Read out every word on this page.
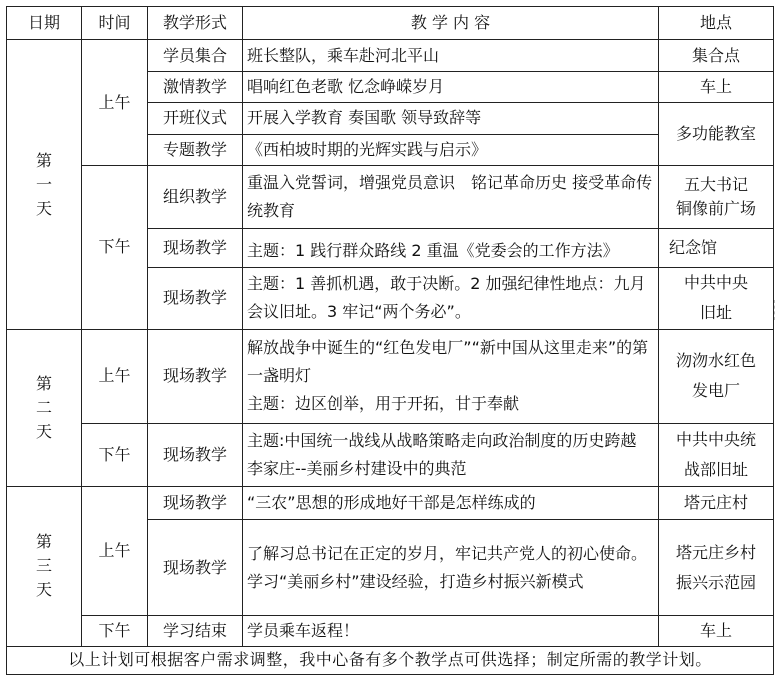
日期	时间	教学形式	教 学 内 容	地点

第
一
天	上午	学员集合	班长整队，乘车赴河北平山	集合点
		激情教学	唱响红色老歌 忆念峥嵘岁月	车上
		开班仪式	开展入学教育 奏国歌 领导致辞等	多功能教室
		专题教学	《西柏坡时期的光辉实践与启示》	
	下午	组织教学	重温入党誓词，增强党员意识　铭记革命历史 接受革命传统教育	五大书记
铜像前广场

		现场教学	主题：1 践行群众路线 2 重温《党委会的工作方法》	纪念馆
		现场教学	主题：1 善抓机遇，敢于决断。2 加强纪律性地点：九月会议旧址。3 牢记“两个务必”。	中共中央
旧址

第
二
天	上午	现场教学	解放战争中诞生的“红色发电厂”“新中国从这里走来”的第一盏明灯
主题：边区创举，用于开拓，甘于奉献	沕沕水红色
发电厂

	下午	现场教学	主题:中国统一战线从战略策略走向政治制度的历史跨越 李家庄--美丽乡村建设中的典范	中共中央统
战部旧址

第
三
天	上午	现场教学	“三农”思想的形成地好干部是怎样练成的	塔元庄村
		现场教学	了解习总书记在正定的岁月，牢记共产党人的初心使命。
学习“美丽乡村”建设经验，打造乡村振兴新模式	塔元庄乡村
振兴示范园

	下午	学习结束	学员乘车返程！	车上
以上计划可根据客户需求调整，我中心备有多个教学点可供选择；制定所需的教学计划。				
